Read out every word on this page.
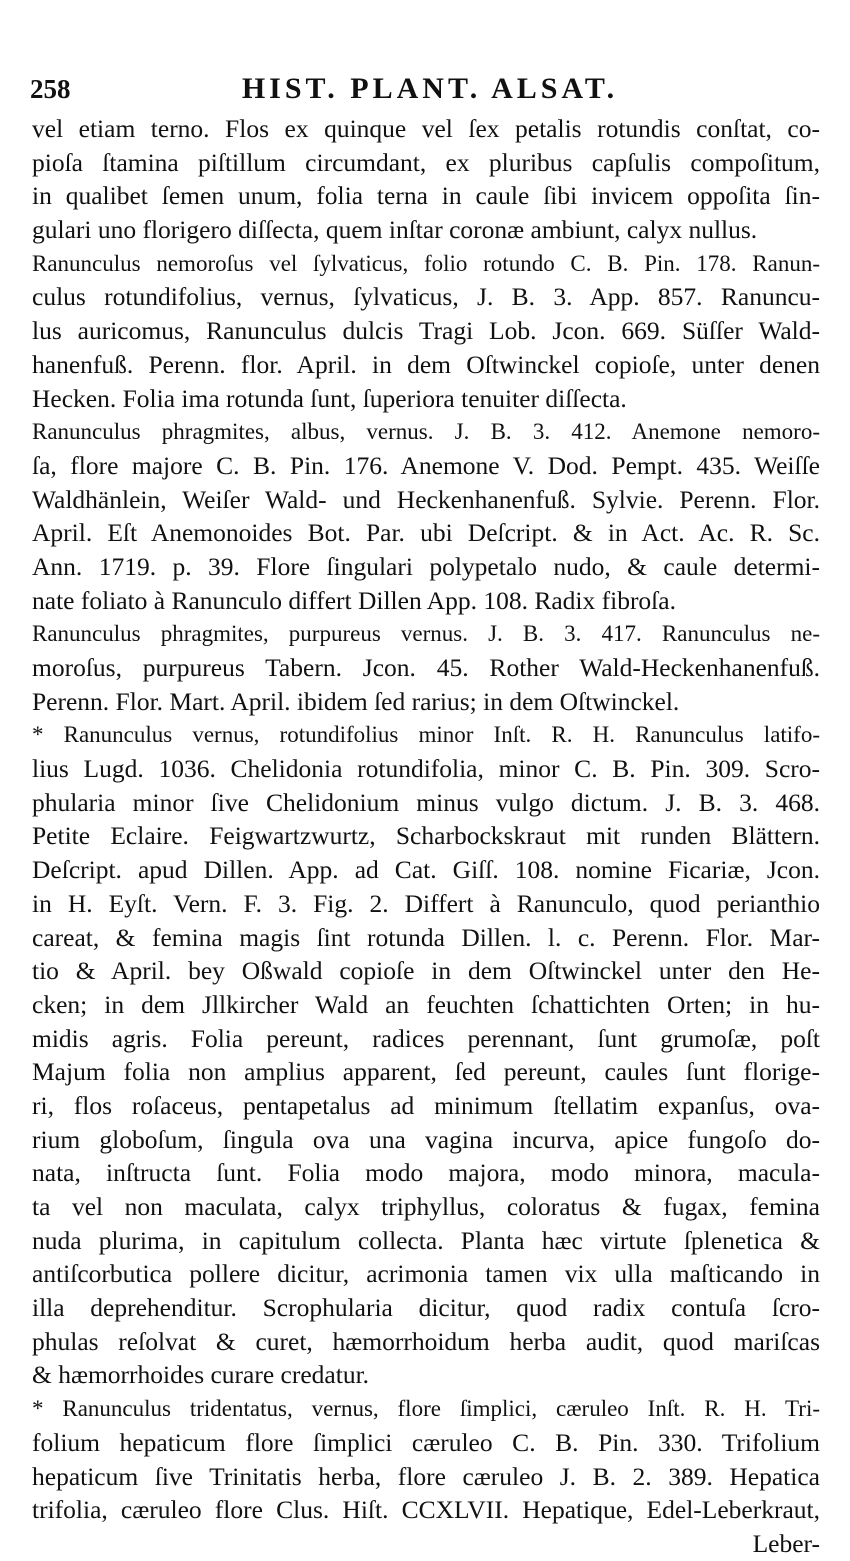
258	HIST. PLANT. ALSAT.
vel etiam terno. Flos ex quinque vel ſex petalis rotundis conſtat, co-
pioſa ſtamina piſtillum circumdant, ex pluribus capſulis compoſitum,
in qualibet ſemen unum, folia terna in caule ſibi invicem oppoſita ſin-
gulari uno florigero diſſecta, quem inſtar coronæ ambiunt, calyx nullus.
Ranunculus nemoroſus vel ſylvaticus, folio rotundo C. B. Pin. 178. Ranun-
culus rotundifolius, vernus, ſylvaticus, J. B. 3. App. 857. Ranuncu-
lus auricomus, Ranunculus dulcis Tragi Lob. Jcon. 669. Süſſer Wald-
hanenfuß. Perenn. flor. April. in dem Oſtwinckel copioſe, unter denen
Hecken. Folia ima rotunda ſunt, ſuperiora tenuiter diſſecta.
Ranunculus phragmites, albus, vernus. J. B. 3. 412. Anemone nemoro-
ſa, flore majore C. B. Pin. 176. Anemone V. Dod. Pempt. 435. Weiſſe
Waldhänlein, Weiſer Wald- und Heckenhanenfuß. Sylvie. Perenn. Flor.
April. Eſt Anemonoides Bot. Par. ubi Deſcript. & in Act. Ac. R. Sc.
Ann. 1719. p. 39. Flore ſingulari polypetalo nudo, & caule determi-
nate foliato à Ranunculo differt Dillen App. 108. Radix fibroſa.
Ranunculus phragmites, purpureus vernus. J. B. 3. 417. Ranunculus ne-
moroſus, purpureus Tabern. Jcon. 45. Rother Wald-Heckenhanenfuß.
Perenn. Flor. Mart. April. ibidem ſed rarius; in dem Oſtwinckel.
* Ranunculus vernus, rotundifolius minor Inſt. R. H. Ranunculus latifo-
lius Lugd. 1036. Chelidonia rotundifolia, minor C. B. Pin. 309. Scro-
phularia minor ſive Chelidonium minus vulgo dictum. J. B. 3. 468.
Petite Eclaire. Feigwartzwurtz, Scharbockskraut mit runden Blättern.
Deſcript. apud Dillen. App. ad Cat. Giſſ. 108. nomine Ficariæ, Jcon.
in H. Eyſt. Vern. F. 3. Fig. 2. Differt à Ranunculo, quod perianthio
careat, & femina magis ſint rotunda Dillen. l. c. Perenn. Flor. Mar-
tio & April. bey Oßwald copioſe in dem Oſtwinckel unter den He-
cken; in dem Jllkircher Wald an feuchten ſchattichten Orten; in hu-
midis agris. Folia pereunt, radices perennant, ſunt grumoſæ, poſt
Majum folia non amplius apparent, ſed pereunt, caules ſunt florige-
ri, flos roſaceus, pentapetalus ad minimum ſtellatim expanſus, ova-
rium globoſum, ſingula ova una vagina incurva, apice fungoſo do-
nata, inſtructa ſunt. Folia modo majora, modo minora, macula-
ta vel non maculata, calyx triphyllus, coloratus & fugax, femina
nuda plurima, in capitulum collecta. Planta hæc virtute ſplenetica &
antiſcorbutica pollere dicitur, acrimonia tamen vix ulla maſticando in
illa deprehenditur. Scrophularia dicitur, quod radix contuſa ſcro-
phulas reſolvat & curet, hæmorrhoidum herba audit, quod mariſcas
& hæmorrhoides curare credatur.
* Ranunculus tridentatus, vernus, flore ſimplici, cæruleo Inſt. R. H. Tri-
folium hepaticum flore ſimplici cæruleo C. B. Pin. 330. Trifolium
hepaticum ſive Trinitatis herba, flore cæruleo J. B. 2. 389. Hepatica
trifolia, cæruleo flore Clus. Hiſt. CCXLVII. Hepatique, Edel-Leberkraut,
Leber-
